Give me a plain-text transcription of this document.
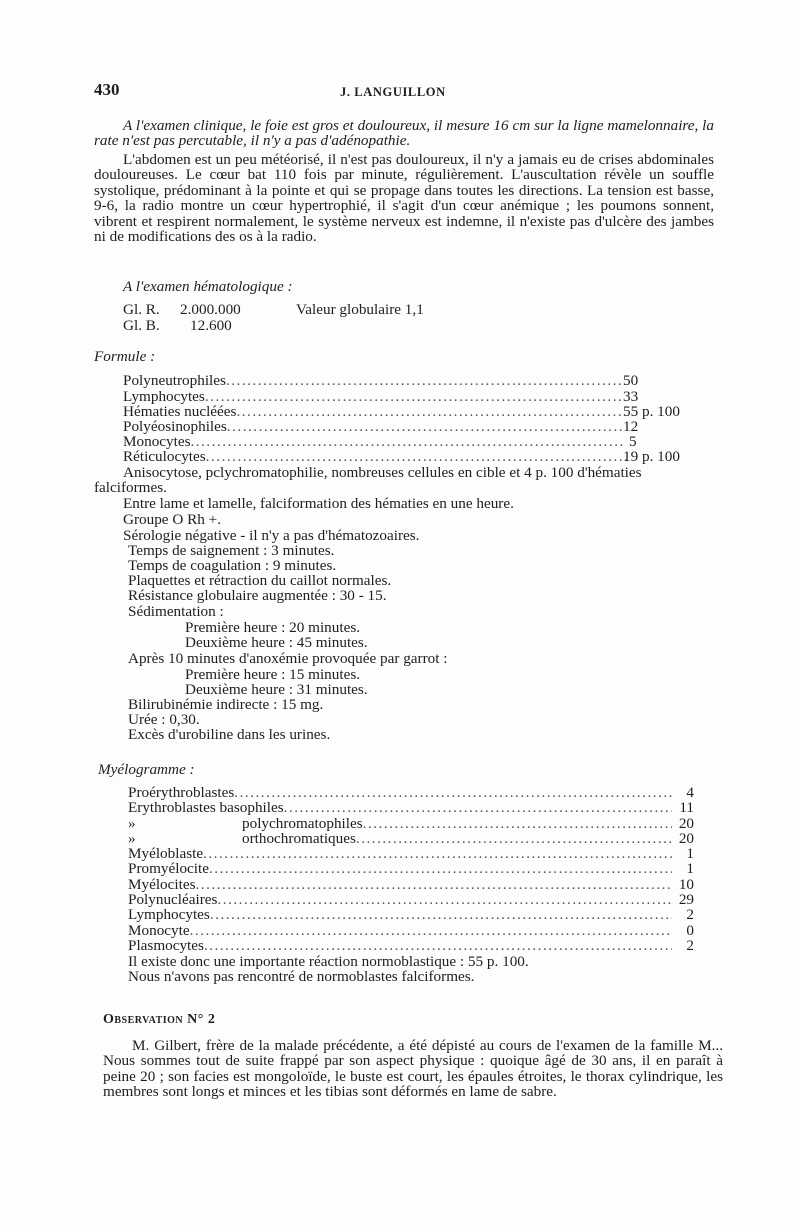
430	J. LANGUILLON

A l'examen clinique, le foie est gros et douloureux, il mesure 16 cm sur la ligne mamelonnaire, la rate n'est pas percutable, il n'y a pas d'adénopathie.

L'abdomen est un peu météorisé, il n'est pas douloureux, il n'y a jamais eu de crises abdominales douloureuses. Le cœur bat 110 fois par minute, régulièrement. L'auscultation révèle un souffle systolique, prédominant à la pointe et qui se propage dans toutes les directions. La tension est basse, 9-6, la radio montre un cœur hypertrophié, il s'agit d'un cœur anémique ; les poumons sonnent, vibrent et respirent normalement, le système nerveux est indemne, il n'existe pas d'ulcère des jambes ni de modifications des os à la radio.

A l'examen hématologique :
Gl. R. 2.000.000	Valeur globulaire 1,1
Gl. B. 12.600
Formule :
Polyneutrophiles .....	50
Lymphocytes .....	33
Hématies nucléées .....	55 p. 100
Polyéosinophiles .....	12
Monocytes .....	5
Réticulocytes .....	19 p. 100
Anisocytose, pclychromatophilie, nombreuses cellules en cible et 4 p. 100 d'hématies
falciformes.
Entre lame et lamelle, falciformation des hématies en une heure.
Groupe O Rh +.
Sérologie négative - il n'y a pas d'hématozoaires.
Temps de saignement : 3 minutes.
Temps de coagulation : 9 minutes.
Plaquettes et rétraction du caillot normales.
Résistance globulaire augmentée : 30 - 15.
Sédimentation :
Première heure : 20 minutes.
Deuxième heure : 45 minutes.
Après 10 minutes d'anoxémie provoquée par garrot :
Première heure : 15 minutes.
Deuxième heure : 31 minutes.
Bilirubinémie indirecte : 15 mg.
Urée : 0,30.
Excès d'urobiline dans les urines.
Myélogramme :
Proérythroblastes .....	4
Erythroblastes basophiles .....	11
»	polychromatophiles .....	20
»	orthochromatiques .....	20
Myéloblaste .....	1
Promyélocite .....	1
Myélocites .....	10
Polynucléaires .....	29
Lymphocytes .....	2
Monocyte .....	0
Plasmocytes .....	2
Il existe donc une importante réaction normoblastique : 55 p. 100.
Nous n'avons pas rencontré de normoblastes falciformes.
Observation N° 2

M. Gilbert, frère de la malade précédente, a été dépisté au cours de l'examen de la famille M... Nous sommes tout de suite frappé par son aspect physique : quoique âgé de 30 ans, il en paraît à peine 20 ; son facies est mongoloïde, le buste est court, les épaules étroites, le thorax cylindrique, les membres sont longs et minces et les tibias sont déformés en lame de sabre.
